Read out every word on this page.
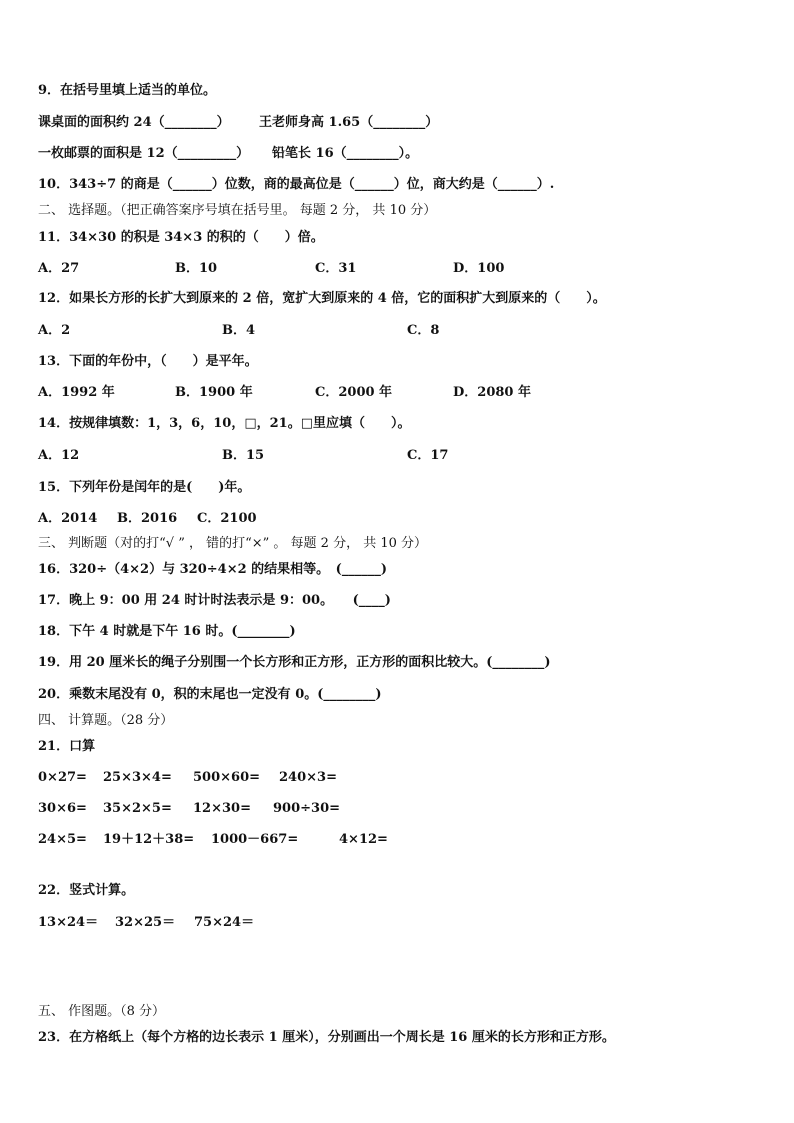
9．在括号里填上适当的单位。
课桌面的面积约 24（________） 王老师身高 1.65（________）
一枚邮票的面积是 12（_________） 铅笔长 16（________）。
10．343÷7 的商是（______）位数，商的最高位是（______）位，商大约是（______）.
二、 选择题。（把正确答案序号填在括号里。 每题 2 分， 共 10 分）
11．34×30 的积是 34×3 的积的（　　）倍。
A．27	B．10	C．31	D．100
12．如果长方形的长扩大到原来的 2 倍，宽扩大到原来的 4 倍，它的面积扩大到原来的（　　）。
A．2	B．4	C．8
13．下面的年份中，（　　）是平年。
A．1992 年	B．1900 年	C．2000 年	D．2080 年
14．按规律填数：1，3，6，10，□，21。□里应填（　　）。
A．12	B．15	C．17
15．下列年份是闰年的是(　　)年。
A．2014 B．2016 C．2100
三、 判断题（对的打“√ ” ， 错的打“×” 。 每题 2 分， 共 10 分）
16．320÷（4×2）与 320÷4×2 的结果相等。　(______)
17．晚上 9：00 用 24 时计时法表示是 9：00。　　(____)
18．下午 4 时就是下午 16 时。(________)
19．用 20 厘米长的绳子分别围一个长方形和正方形，正方形的面积比较大。(________)
20．乘数末尾没有 0，积的末尾也一定没有 0。(________)
四、 计算题。（28 分）
21．口算
0×27= 25×3×4= 500×60= 240×3=
30×6= 35×2×5= 12×30= 900÷30=
24×5= 19＋12＋38= 1000－667=	4×12=
22．竖式计算。
13×24＝ 32×25＝ 75×24＝
五、 作图题。（8 分）
23．在方格纸上（每个方格的边长表示 1 厘米），分别画出一个周长是 16 厘米的长方形和正方形。
